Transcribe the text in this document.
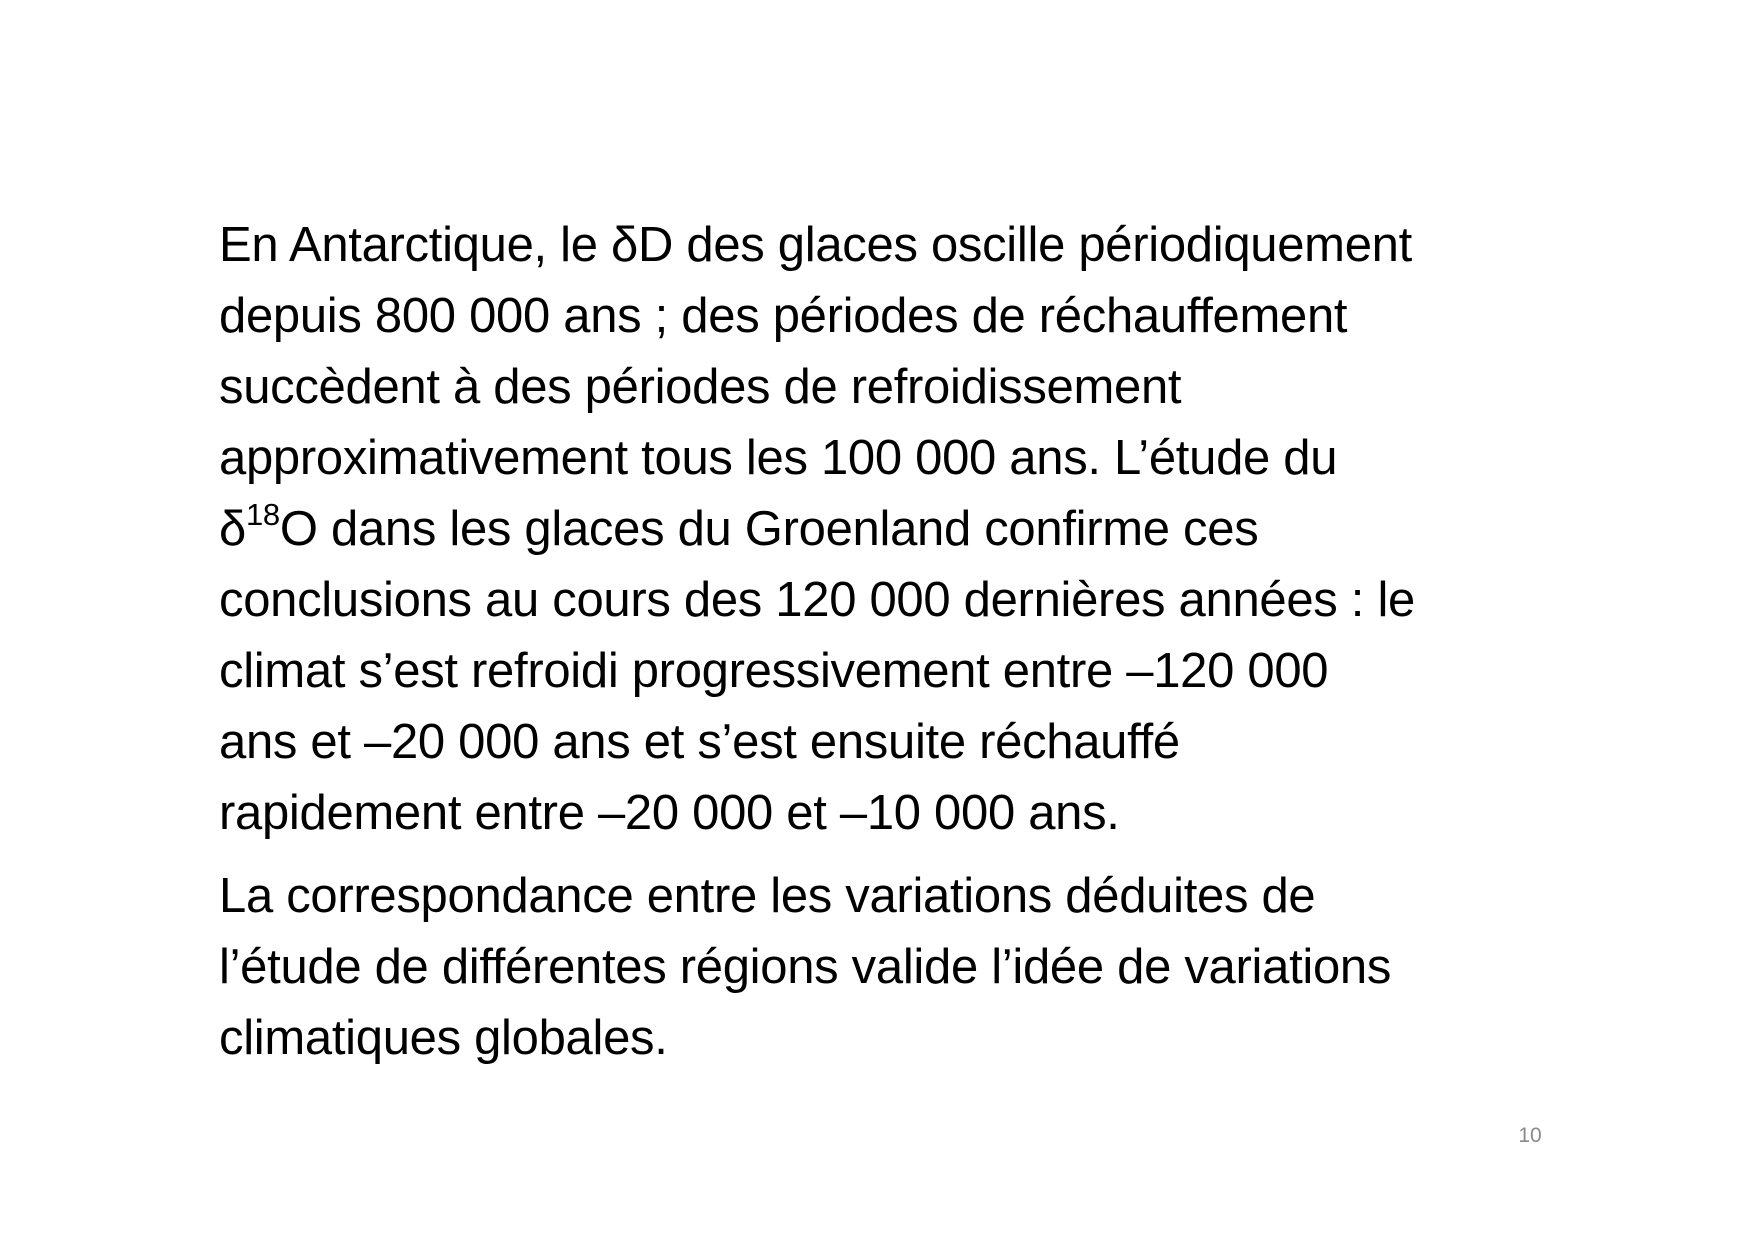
En Antarctique, le δD des glaces oscille périodiquement
depuis 800 000 ans ; des périodes de réchauffement
succèdent à des périodes de refroidissement
approximativement tous les 100 000 ans. L’étude du
$\delta^{18}O$ dans les glaces du Groenland confirme ces
conclusions au cours des 120 000 dernières années : le
climat s’est refroidi progressivement entre –120 000
ans et –20 000 ans et s’est ensuite réchauffé
rapidement entre –20 000 et –10 000 ans.

La correspondance entre les variations déduites de
l’étude de différentes régions valide l’idée de variations
climatiques globales.

10
